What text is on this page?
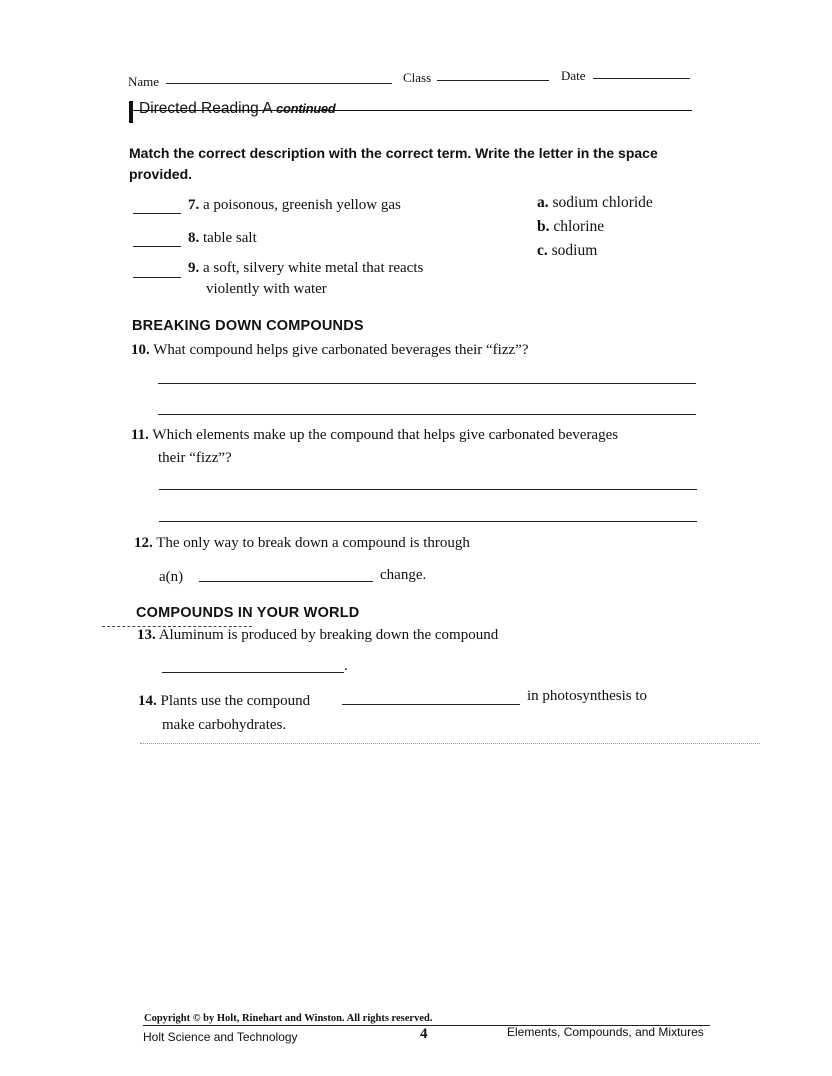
Name	Class	Date
Directed Reading A continued
Match the correct description with the correct term. Write the letter in the space provided.
7. a poisonous, greenish yellow gas
8. table salt
9. a soft, silvery white metal that reacts
violently with water
a. sodium chloride
b. chlorine
c. sodium
BREAKING DOWN COMPOUNDS
10. What compound helps give carbonated beverages their “fizz”?
11. Which elements make up the compound that helps give carbonated beverages
their “fizz”?
12. The only way to break down a compound is through
a(n)	change.
COMPOUNDS IN YOUR WORLD
13. Aluminum is produced by breaking down the compound
.
14. Plants use the compound	in photosynthesis to
make carbohydrates.
Copyright © by Holt, Rinehart and Winston. All rights reserved.
Holt Science and Technology	4	Elements, Compounds, and Mixtures
